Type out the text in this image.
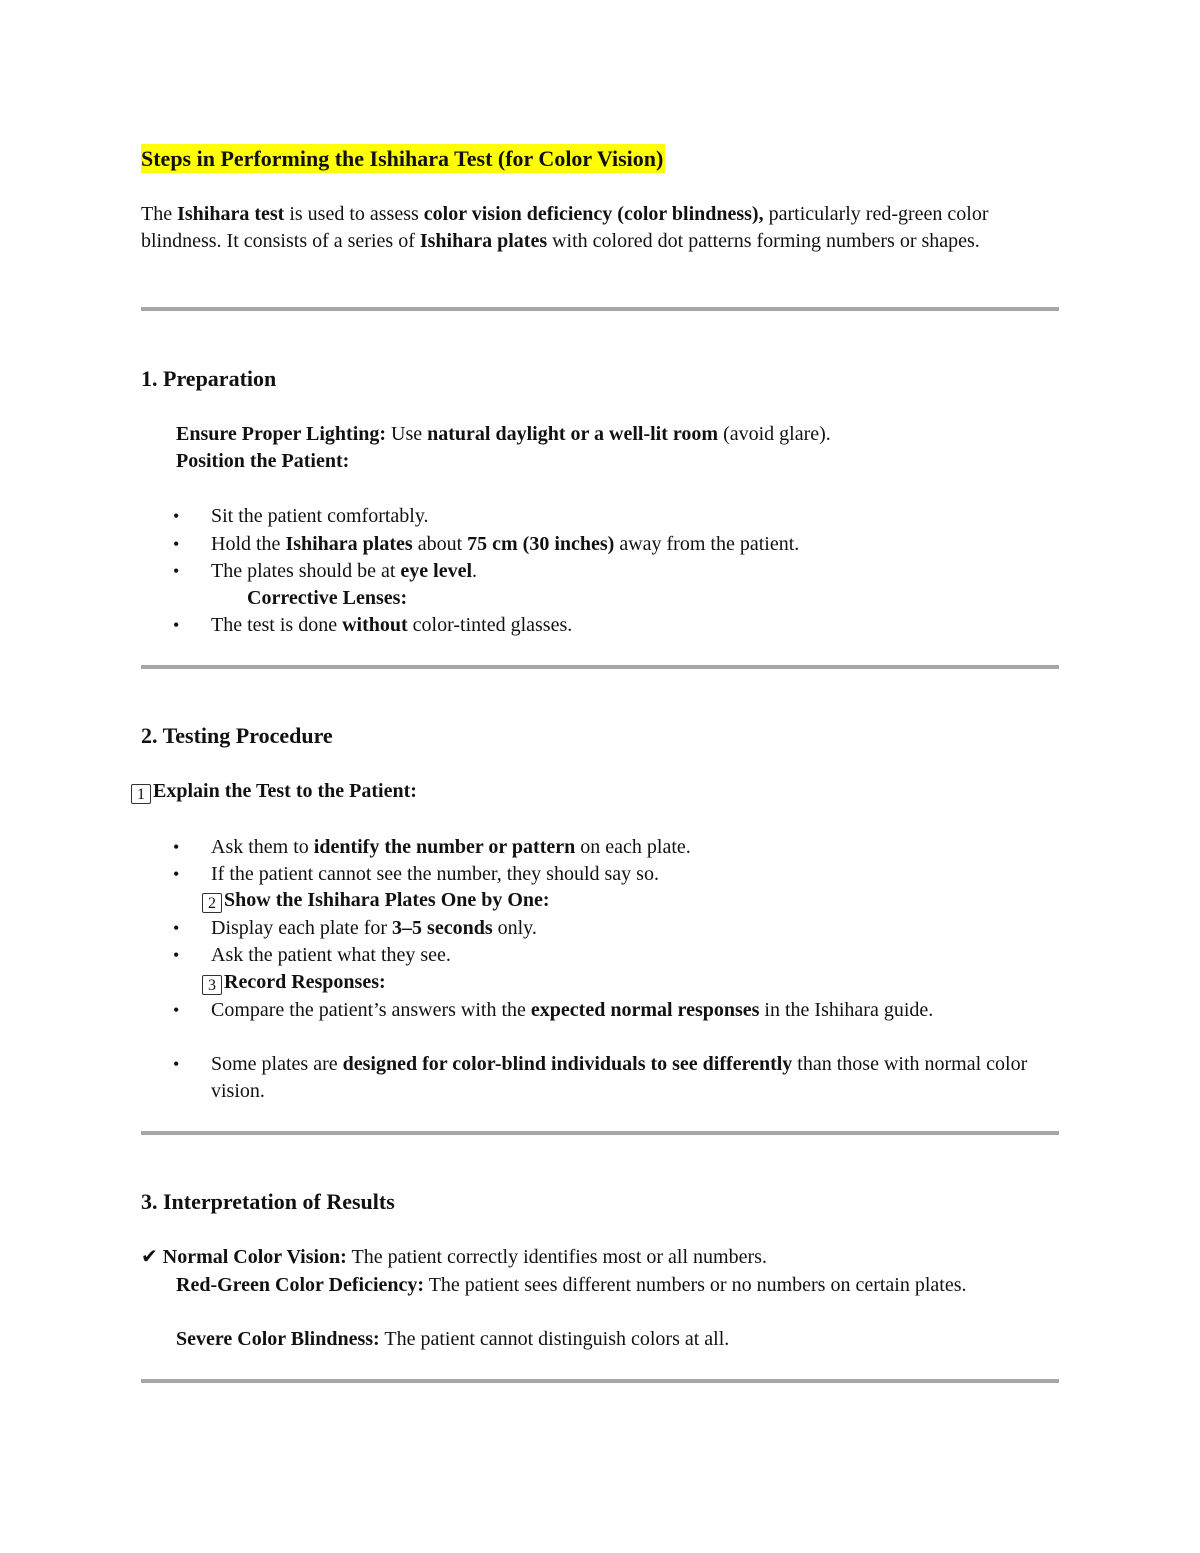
Steps in Performing the Ishihara Test (for Color Vision)
The Ishihara test is used to assess color vision deficiency (color blindness), particularly red-green color blindness. It consists of a series of Ishihara plates with colored dot patterns forming numbers or shapes.
1. Preparation
Ensure Proper Lighting: Use natural daylight or a well-lit room (avoid glare).
Position the Patient:
• Sit the patient comfortably.
• Hold the Ishihara plates about 75 cm (30 inches) away from the patient.
• The plates should be at eye level.
Corrective Lenses:
• The test is done without color-tinted glasses.
2. Testing Procedure
1 Explain the Test to the Patient:
• Ask them to identify the number or pattern on each plate.
• If the patient cannot see the number, they should say so.
2 Show the Ishihara Plates One by One:
• Display each plate for 3–5 seconds only.
• Ask the patient what they see.
3 Record Responses:
• Compare the patient’s answers with the expected normal responses in the Ishihara guide.
• Some plates are designed for color-blind individuals to see differently than those with normal color vision.
3. Interpretation of Results
✔ Normal Color Vision: The patient correctly identifies most or all numbers.
Red-Green Color Deficiency: The patient sees different numbers or no numbers on certain plates.
Severe Color Blindness: The patient cannot distinguish colors at all.
